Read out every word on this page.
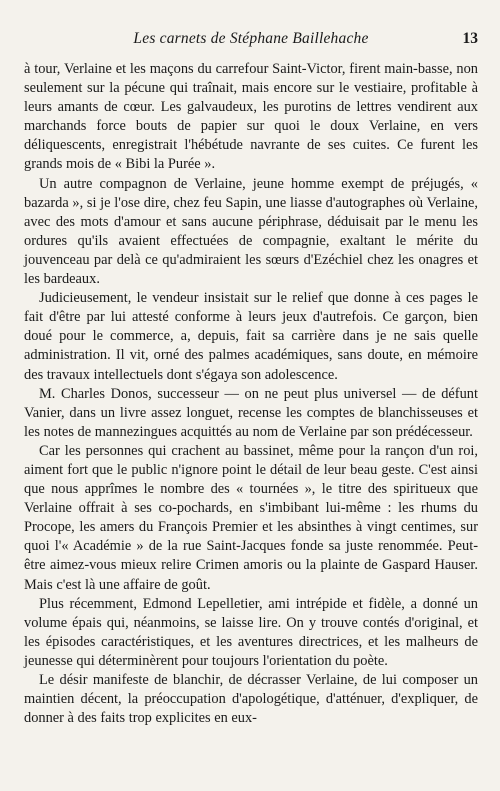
Les carnets de Stéphane Baillehache	13

à tour, Verlaine et les maçons du carrefour Saint-Victor, firent main-basse, non seulement sur la pécune qui traînait, mais encore sur le vestiaire, profitable à leurs amants de cœur. Les galvaudeux, les purotins de lettres vendirent aux marchands force bouts de papier sur quoi le doux Verlaine, en vers déliquescents, enregistrait l'hébétude navrante de ses cuites. Ce furent les grands mois de « Bibi la Purée ».

Un autre compagnon de Verlaine, jeune homme exempt de préjugés, « bazarda », si je l'ose dire, chez feu Sapin, une liasse d'autographes où Verlaine, avec des mots d'amour et sans aucune périphrase, déduisait par le menu les ordures qu'ils avaient effectuées de compagnie, exaltant le mérite du jouvenceau par delà ce qu'admiraient les sœurs d'Ezéchiel chez les onagres et les bardeaux.

Judicieusement, le vendeur insistait sur le relief que donne à ces pages le fait d'être par lui attesté conforme à leurs jeux d'autrefois. Ce garçon, bien doué pour le commerce, a, depuis, fait sa carrière dans je ne sais quelle administration. Il vit, orné des palmes académiques, sans doute, en mémoire des travaux intellectuels dont s'égaya son adolescence.

M. Charles Donos, successeur — on ne peut plus universel — de défunt Vanier, dans un livre assez longuet, recense les comptes de blanchisseuses et les notes de mannezingues acquittés au nom de Verlaine par son prédécesseur.

Car les personnes qui crachent au bassinet, même pour la rançon d'un roi, aiment fort que le public n'ignore point le détail de leur beau geste. C'est ainsi que nous apprîmes le nombre des « tournées », le titre des spiritueux que Verlaine offrait à ses co-pochards, en s'imbibant lui-même : les rhums du Procope, les amers du François Premier et les absinthes à vingt centimes, sur quoi l'« Académie » de la rue Saint-Jacques fonde sa juste renommée. Peut-être aimez-vous mieux relire Crimen amoris ou la plainte de Gaspard Hauser. Mais c'est là une affaire de goût.

Plus récemment, Edmond Lepelletier, ami intrépide et fidèle, a donné un volume épais qui, néanmoins, se laisse lire. On y trouve contés d'original, et les épisodes caractéristiques, et les aventures directrices, et les malheurs de jeunesse qui déterminèrent pour toujours l'orientation du poète.

Le désir manifeste de blanchir, de décrasser Verlaine, de lui composer un maintien décent, la préoccupation d'apologétique, d'atténuer, d'expliquer, de donner à des faits trop explicites en eux-
